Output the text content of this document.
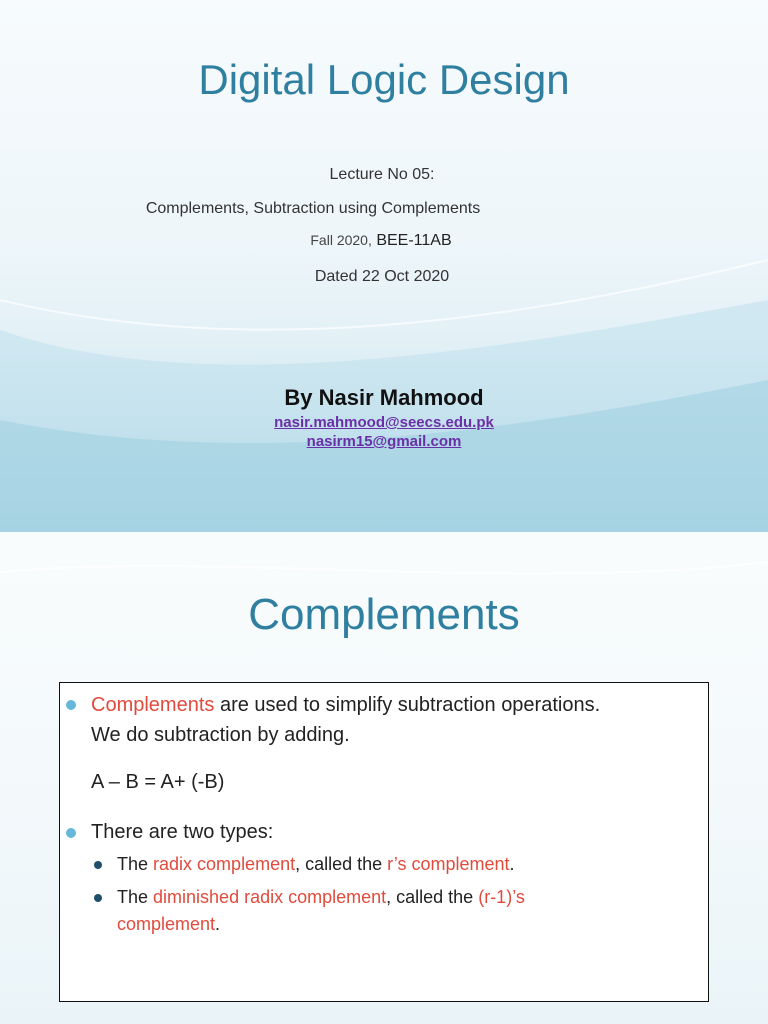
Digital Logic Design
Lecture No 05:
Complements, Subtraction using Complements
Fall 2020, BEE-11AB
Dated 22 Oct 2020
By Nasir Mahmood
nasir.mahmood@seecs.edu.pk
nasirm15@gmail.com
Complements
Complements are used to simplify subtraction operations.
We do subtraction by adding.
A – B = A+ (-B)
There are two types:
The radix complement, called the r’s complement.
The diminished radix complement, called the (r-1)’s
complement.
